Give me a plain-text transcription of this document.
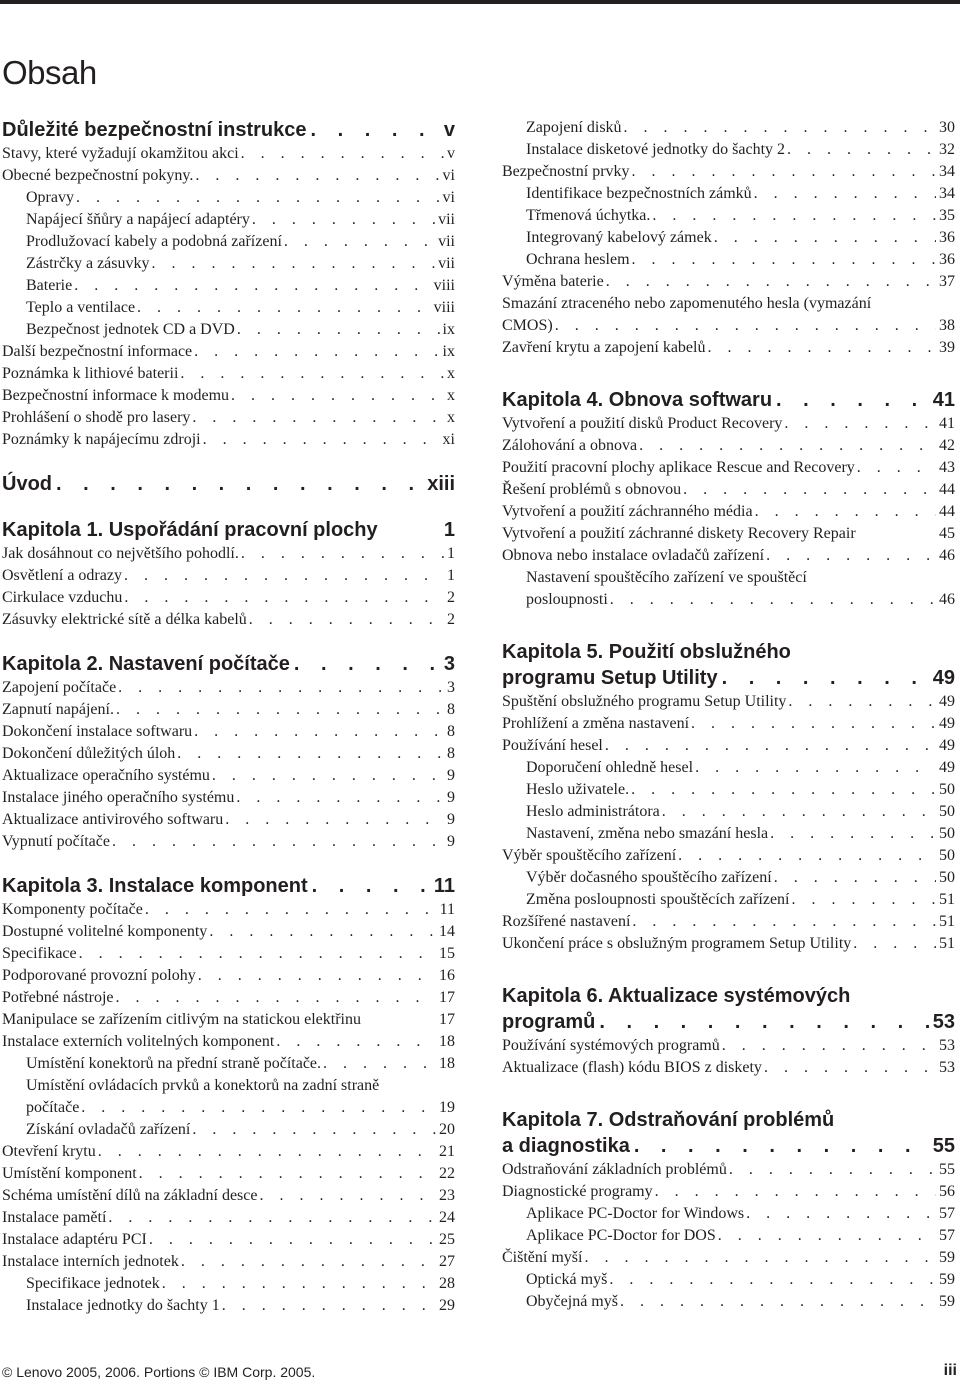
Obsah
Důležité bezpečnostní instrukce . . .	v
Stavy, které vyžadují okamžitou akci . . .	v
Obecné bezpečnostní pokyny. . . .	vi
Opravy . . .	vi
Napájecí šňůry a napájecí adaptéry . . .	vii
Prodlužovací kabely a podobná zařízení . . .	vii
Zástrčky a zásuvky . . .	vii
Baterie . . .	viii
Teplo a ventilace . . .	viii
Bezpečnost jednotek CD a DVD . . .	ix
Další bezpečnostní informace . . .	ix
Poznámka k lithiové baterii . . .	x
Bezpečnostní informace k modemu . . .	x
Prohlášení o shodě pro lasery . . .	x
Poznámky k napájecímu zdroji . . .	xi
Úvod . . .	xiii
Kapitola 1. Uspořádání pracovní plochy	1
Jak dosáhnout co největšího pohodlí. . . .	1
Osvětlení a odrazy . . .	1
Cirkulace vzduchu . . .	2
Zásuvky elektrické sítě a délka kabelů . . .	2
Kapitola 2. Nastavení počítače . . .	3
Zapojení počítače . . .	3
Zapnutí napájení. . . .	8
Dokončení instalace softwaru . . .	8
Dokončení důležitých úloh . . .	8
Aktualizace operačního systému . . .	9
Instalace jiného operačního systému . . .	9
Aktualizace antivirového softwaru . . .	9
Vypnutí počítače . . .	9
Kapitola 3. Instalace komponent . . .	11
Komponenty počítače . . .	11
Dostupné volitelné komponenty . . .	14
Specifikace . . .	15
Podporované provozní polohy . . .	16
Potřebné nástroje . . .	17
Manipulace se zařízením citlivým na statickou elektřinu	17
Instalace externích volitelných komponent . . .	18
Umístění konektorů na přední straně počítače. . . .	18
Umístění ovládacích prvků a konektorů na zadní straně
počítače . . .	19
Získání ovladačů zařízení . . .	20
Otevření krytu . . .	21
Umístění komponent . . .	22
Schéma umístění dílů na základní desce . . .	23
Instalace pamětí . . .	24
Instalace adaptéru PCI . . .	25
Instalace interních jednotek . . .	27
Specifikace jednotek . . .	28
Instalace jednotky do šachty 1 . . .	29
Zapojení disků . . .	30
Instalace disketové jednotky do šachty 2 . . .	32
Bezpečnostní prvky . . .	34
Identifikace bezpečnostních zámků . . .	34
Třmenová úchytka. . . .	35
Integrovaný kabelový zámek . . .	36
Ochrana heslem . . .	36
Výměna baterie . . .	37
Smazání ztraceného nebo zapomenutého hesla (vymazání
CMOS) . . .	38
Zavření krytu a zapojení kabelů . . .	39
Kapitola 4. Obnova softwaru . . .	41
Vytvoření a použití disků Product Recovery . . .	41
Zálohování a obnova . . .	42
Použití pracovní plochy aplikace Rescue and Recovery . . .	43
Řešení problémů s obnovou . . .	44
Vytvoření a použití záchranného média . . .	44
Vytvoření a použití záchranné diskety Recovery Repair	45
Obnova nebo instalace ovladačů zařízení . . .	46
Nastavení spouštěcího zařízení ve spouštěcí
posloupnosti . . .	46
Kapitola 5. Použití obslužného
programu Setup Utility . . .	49
Spuštění obslužného programu Setup Utility . . .	49
Prohlížení a změna nastavení . . .	49
Používání hesel . . .	49
Doporučení ohledně hesel . . .	49
Heslo uživatele. . . .	50
Heslo administrátora . . .	50
Nastavení, změna nebo smazání hesla . . .	50
Výběr spouštěcího zařízení . . .	50
Výběr dočasného spouštěcího zařízení . . .	50
Změna posloupnosti spouštěcích zařízení . . .	51
Rozšířené nastavení . . .	51
Ukončení práce s obslužným programem Setup Utility . . .	51
Kapitola 6. Aktualizace systémových
programů . . .	53
Používání systémových programů . . .	53
Aktualizace (flash) kódu BIOS z diskety . . .	53
Kapitola 7. Odstraňování problémů
a diagnostika . . .	55
Odstraňování základních problémů . . .	55
Diagnostické programy . . .	56
Aplikace PC-Doctor for Windows . . .	57
Aplikace PC-Doctor for DOS . . .	57
Čištění myší . . .	59
Optická myš . . .	59
Obyčejná myš . . .	59
© Lenovo 2005, 2006. Portions © IBM Corp. 2005.	iii
